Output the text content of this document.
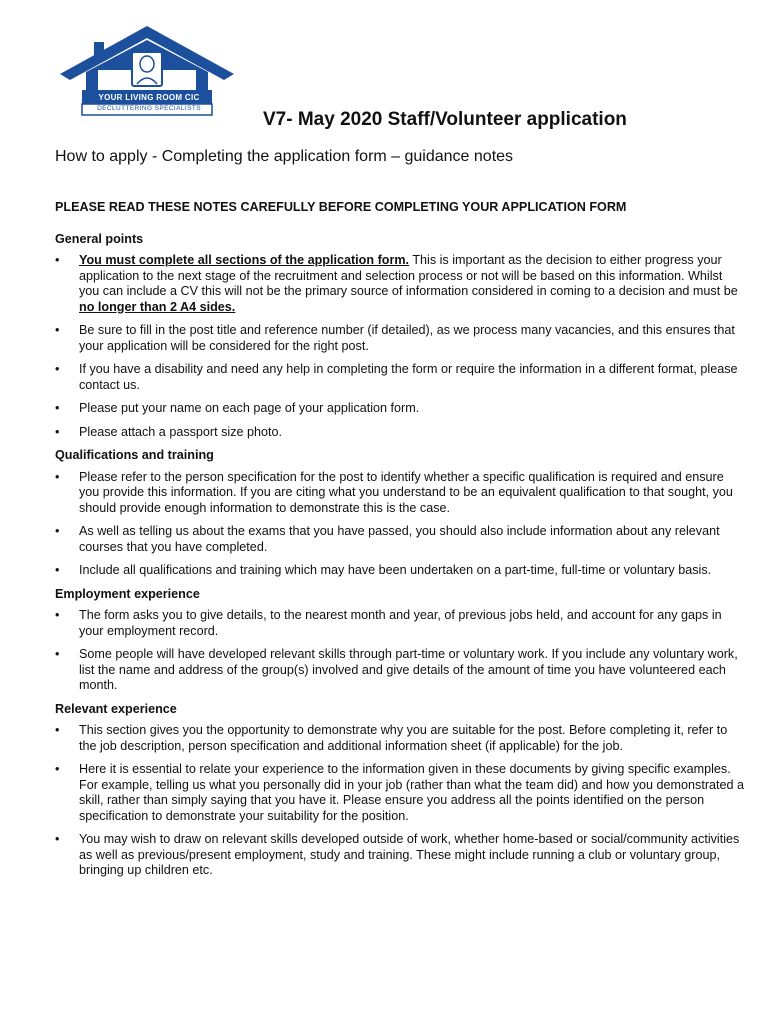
YOUR LIVING ROOM CIC
DECLUTTERING SPECIALISTS
V7- May 2020 Staff/Volunteer application
How to apply - Completing the application form – guidance notes

PLEASE READ THESE NOTES CAREFULLY BEFORE COMPLETING YOUR APPLICATION FORM

General points

• You must complete all sections of the application form. This is important as the decision to either progress your application to the next stage of the recruitment and selection process or not will be based on this information. Whilst you can include a CV this will not be the primary source of information considered in coming to a decision and must be no longer than 2 A4 sides.
• Be sure to fill in the post title and reference number (if detailed), as we process many vacancies, and this ensures that your application will be considered for the right post.
• If you have a disability and need any help in completing the form or require the information in a different format, please contact us.
• Please put your name on each page of your application form.
• Please attach a passport size photo.

Qualifications and training

• Please refer to the person specification for the post to identify whether a specific qualification is required and ensure you provide this information. If you are citing what you understand to be an equivalent qualification to that sought, you should provide enough information to demonstrate this is the case.
• As well as telling us about the exams that you have passed, you should also include information about any relevant courses that you have completed.
• Include all qualifications and training which may have been undertaken on a part-time, full-time or voluntary basis.

Employment experience

• The form asks you to give details, to the nearest month and year, of previous jobs held, and account for any gaps in your employment record.
• Some people will have developed relevant skills through part-time or voluntary work. If you include any voluntary work, list the name and address of the group(s) involved and give details of the amount of time you have volunteered each month.

Relevant experience

• This section gives you the opportunity to demonstrate why you are suitable for the post. Before completing it, refer to the job description, person specification and additional information sheet (if applicable) for the job.
• Here it is essential to relate your experience to the information given in these documents by giving specific examples. For example, telling us what you personally did in your job (rather than what the team did) and how you demonstrated a skill, rather than simply saying that you have it. Please ensure you address all the points identified on the person specification to demonstrate your suitability for the position.
• You may wish to draw on relevant skills developed outside of work, whether home-based or social/community activities as well as previous/present employment, study and training. These might include running a club or voluntary group, bringing up children etc.
